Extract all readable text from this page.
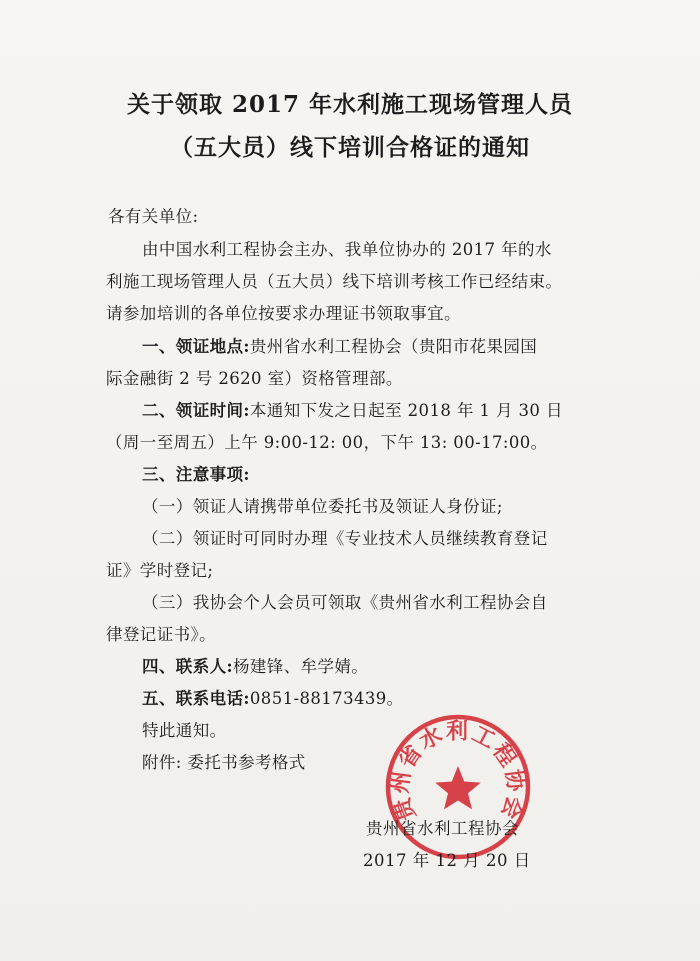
关于领取 2017 年水利施工现场管理人员
（五大员）线下培训合格证的通知
各有关单位:
由中国水利工程协会主办、我单位协办的 2017 年的水
利施工现场管理人员（五大员）线下培训考核工作已经结束。
请参加培训的各单位按要求办理证书领取事宜。
一、领证地点:贵州省水利工程协会（贵阳市花果园国
际金融街 2 号 2620 室）资格管理部。
二、领证时间:本通知下发之日起至 2018 年 1 月 30 日
（周一至周五）上午 9:00-12: 00，下午 13: 00-17:00。
三、注意事项:
（一）领证人请携带单位委托书及领证人身份证;
（二）领证时可同时办理《专业技术人员继续教育登记
证》学时登记;
（三）我协会个人会员可领取《贵州省水利工程协会自
律登记证书》。
四、联系人:杨建锋、牟学婧。
五、联系电话:0851-88173439。
特此通知。
附件: 委托书参考格式
贵州省水利工程协会
贵州省水利工程协会
2017 年 12 月 20 日
